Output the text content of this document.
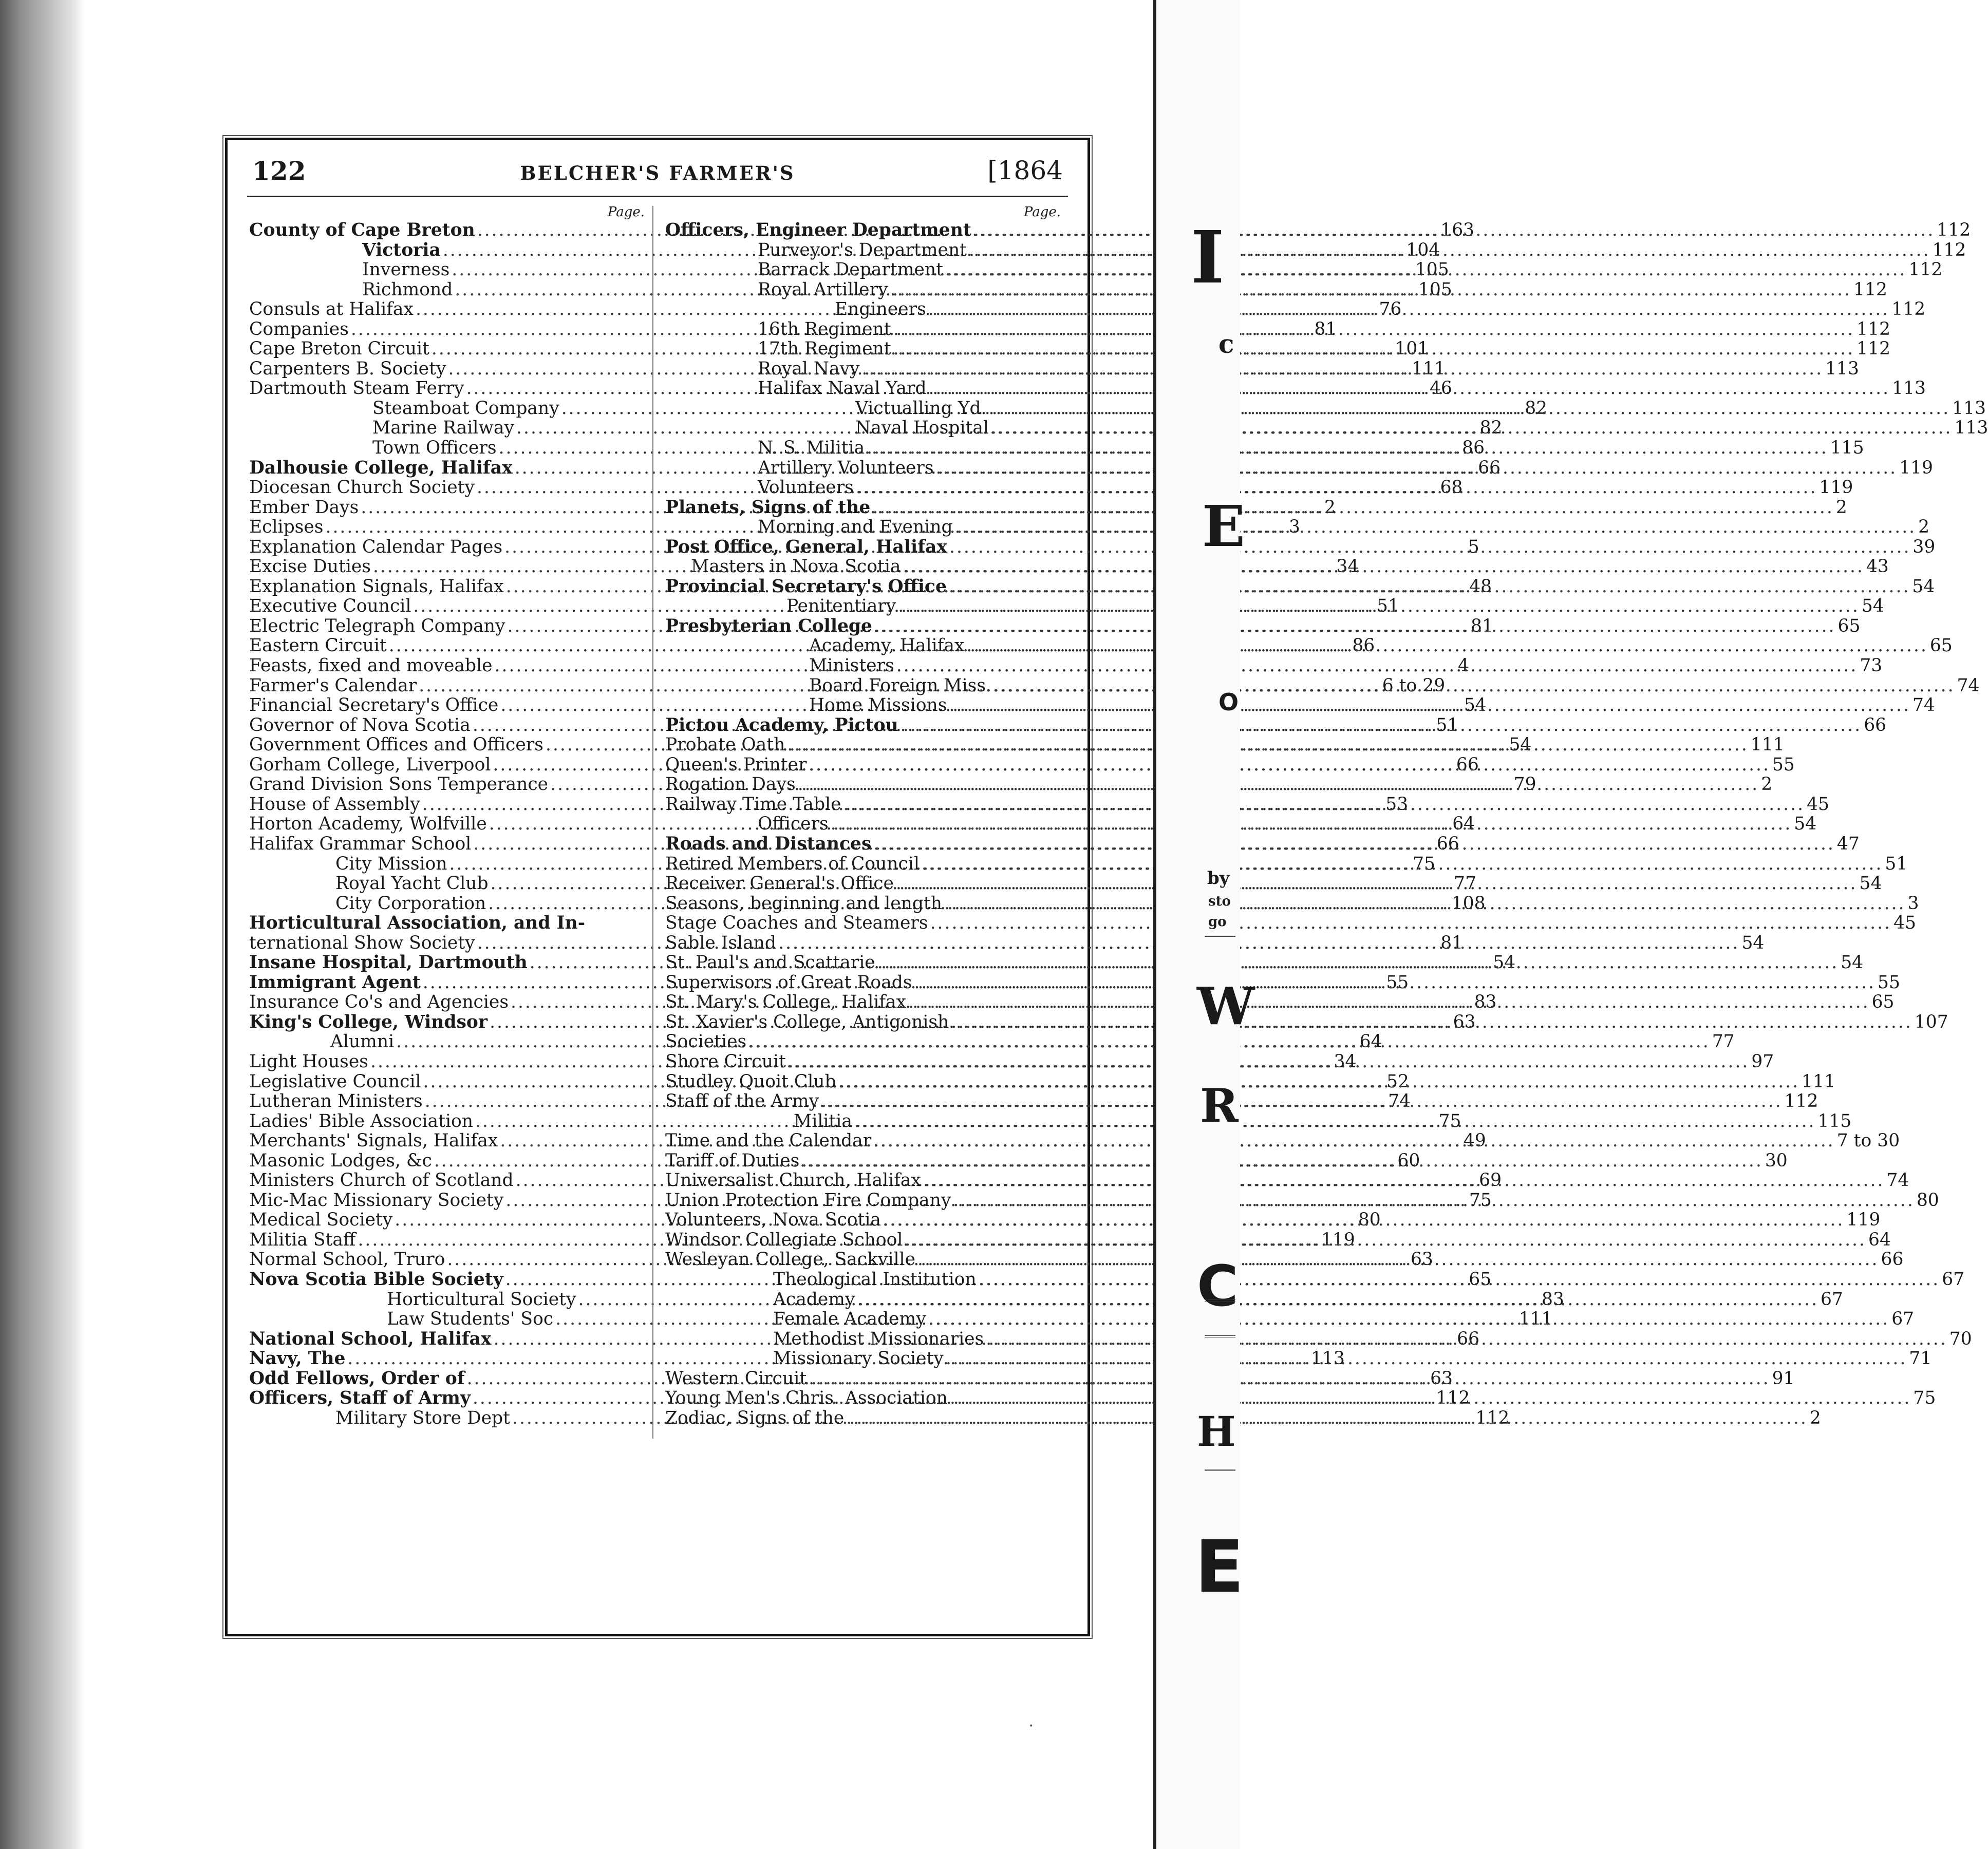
122	BELCHER'S FARMER'S	[1864
Page.
County of Cape Breton .....	163
Victoria .....	104
Inverness .....	105
Richmond .....	105
Consuls at Halifax .....	76
Companies .....	81
Cape Breton Circuit .....	101
Carpenters B. Society .....	111
Dartmouth Steam Ferry .....	46
Steamboat Company .....	82
Marine Railway .....	82
Town Officers .....	86
Dalhousie College, Halifax .....	66
Diocesan Church Society .....	68
Ember Days .....	2
Eclipses .....	3
Explanation Calendar Pages .....	5
Excise Duties .....	34
Explanation Signals, Halifax .....	48
Executive Council .....	51
Electric Telegraph Company .....	81
Eastern Circuit .....	86
Feasts, fixed and moveable .....	4
Farmer's Calendar .....	6 to 29
Financial Secretary's Office .....	54
Governor of Nova Scotia .....	51
Government Offices and Officers .....	54
Gorham College, Liverpool .....	66
Grand Division Sons Temperance .....	79
House of Assembly .....	53
Horton Academy, Wolfville .....	64
Halifax Grammar School .....	66
City Mission .....	75
Royal Yacht Club .....	77
City Corporation .....	108
Horticultural Association, and In-
ternational Show Society .....	81
Insane Hospital, Dartmouth .....	54
Immigrant Agent .....	55
Insurance Co's and Agencies .....	83
King's College, Windsor .....	63
Alumni .....	64
Light Houses .....	34
Legislative Council .....	52
Lutheran Ministers .....	74
Ladies' Bible Association .....	75
Merchants' Signals, Halifax .....	49
Masonic Lodges, &c .....	60
Ministers Church of Scotland .....	69
Mic-Mac Missionary Society .....	75
Medical Society .....	80
Militia Staff .....	119
Normal School, Truro .....	63
Nova Scotia Bible Society .....	65
Horticultural Society .....	83
Law Students' Soc .....	111
National School, Halifax .....	66
Navy, The .....	113
Odd Fellows, Order of .....	63
Officers, Staff of Army .....	112
Military Store Dept .....	112
Page.
Officers, Engineer Department .....	112
Purveyor's Department .....	112
Barrack Department .....	112
Royal Artillery .....	112
Engineers .....	112
16th Regiment .....	112
17th Regiment .....	112
Royal Navy .....	113
Halifax Naval Yard .....	113
Victualling Yd. .....	113
Naval Hospital .....	113
N. S. Militia .....	115
Artillery Volunteers .....	119
Volunteers .....	119
Planets, Signs of the .....	2
Morning and Evening .....	2
Post Office, General, Halifax .....	39
Masters in Nova Scotia .....	43
Provincial Secretary's Office .....	54
Penitentiary .....	54
Presbyterian College .....	65
Academy, Halifax .....	65
Ministers .....	73
Board Foreign Miss. .....	74
Home Missions .....	74
Pictou Academy, Pictou .....	66
Probate Oath .....	111
Queen's Printer .....	55
Rogation Days .....	2
Railway Time Table .....	45
Officers .....	54
Roads and Distances .....	47
Retired Members of Council .....	51
Receiver General's Office .....	54
Seasons, beginning and length .....	3
Stage Coaches and Steamers .....	45
Sable Island .....	54
St. Paul's and Scattarie .....	54
Supervisors of Great Roads .....	55
St. Mary's College, Halifax .....	65
St. Xavier's College, Antigonish .....	107
Societies .....	77
Shore Circuit .....	97
Studley Quoit Club .....	111
Staff of the Army .....	112
Militia .....	115
Time and the Calendar .....	7 to 30
Tariff of Duties .....	30
Universalist Church, Halifax .....	74
Union Protection Fire Company .....	80
Volunteers, Nova Scotia .....	119
Windsor Collegiate School .....	64
Wesleyan College, Sackville .....	66
Theological Institution .....	67
Academy .....	67
Female Academy .....	67
Methodist Missionaries .....	70
Missionary Society .....	71
Western Circuit .....	91
Young Men's Chris. Association .....	75
Zodiac, Signs of the .....	2
•
I
c
E
O
by
sto
go
W
R
C
H
E
